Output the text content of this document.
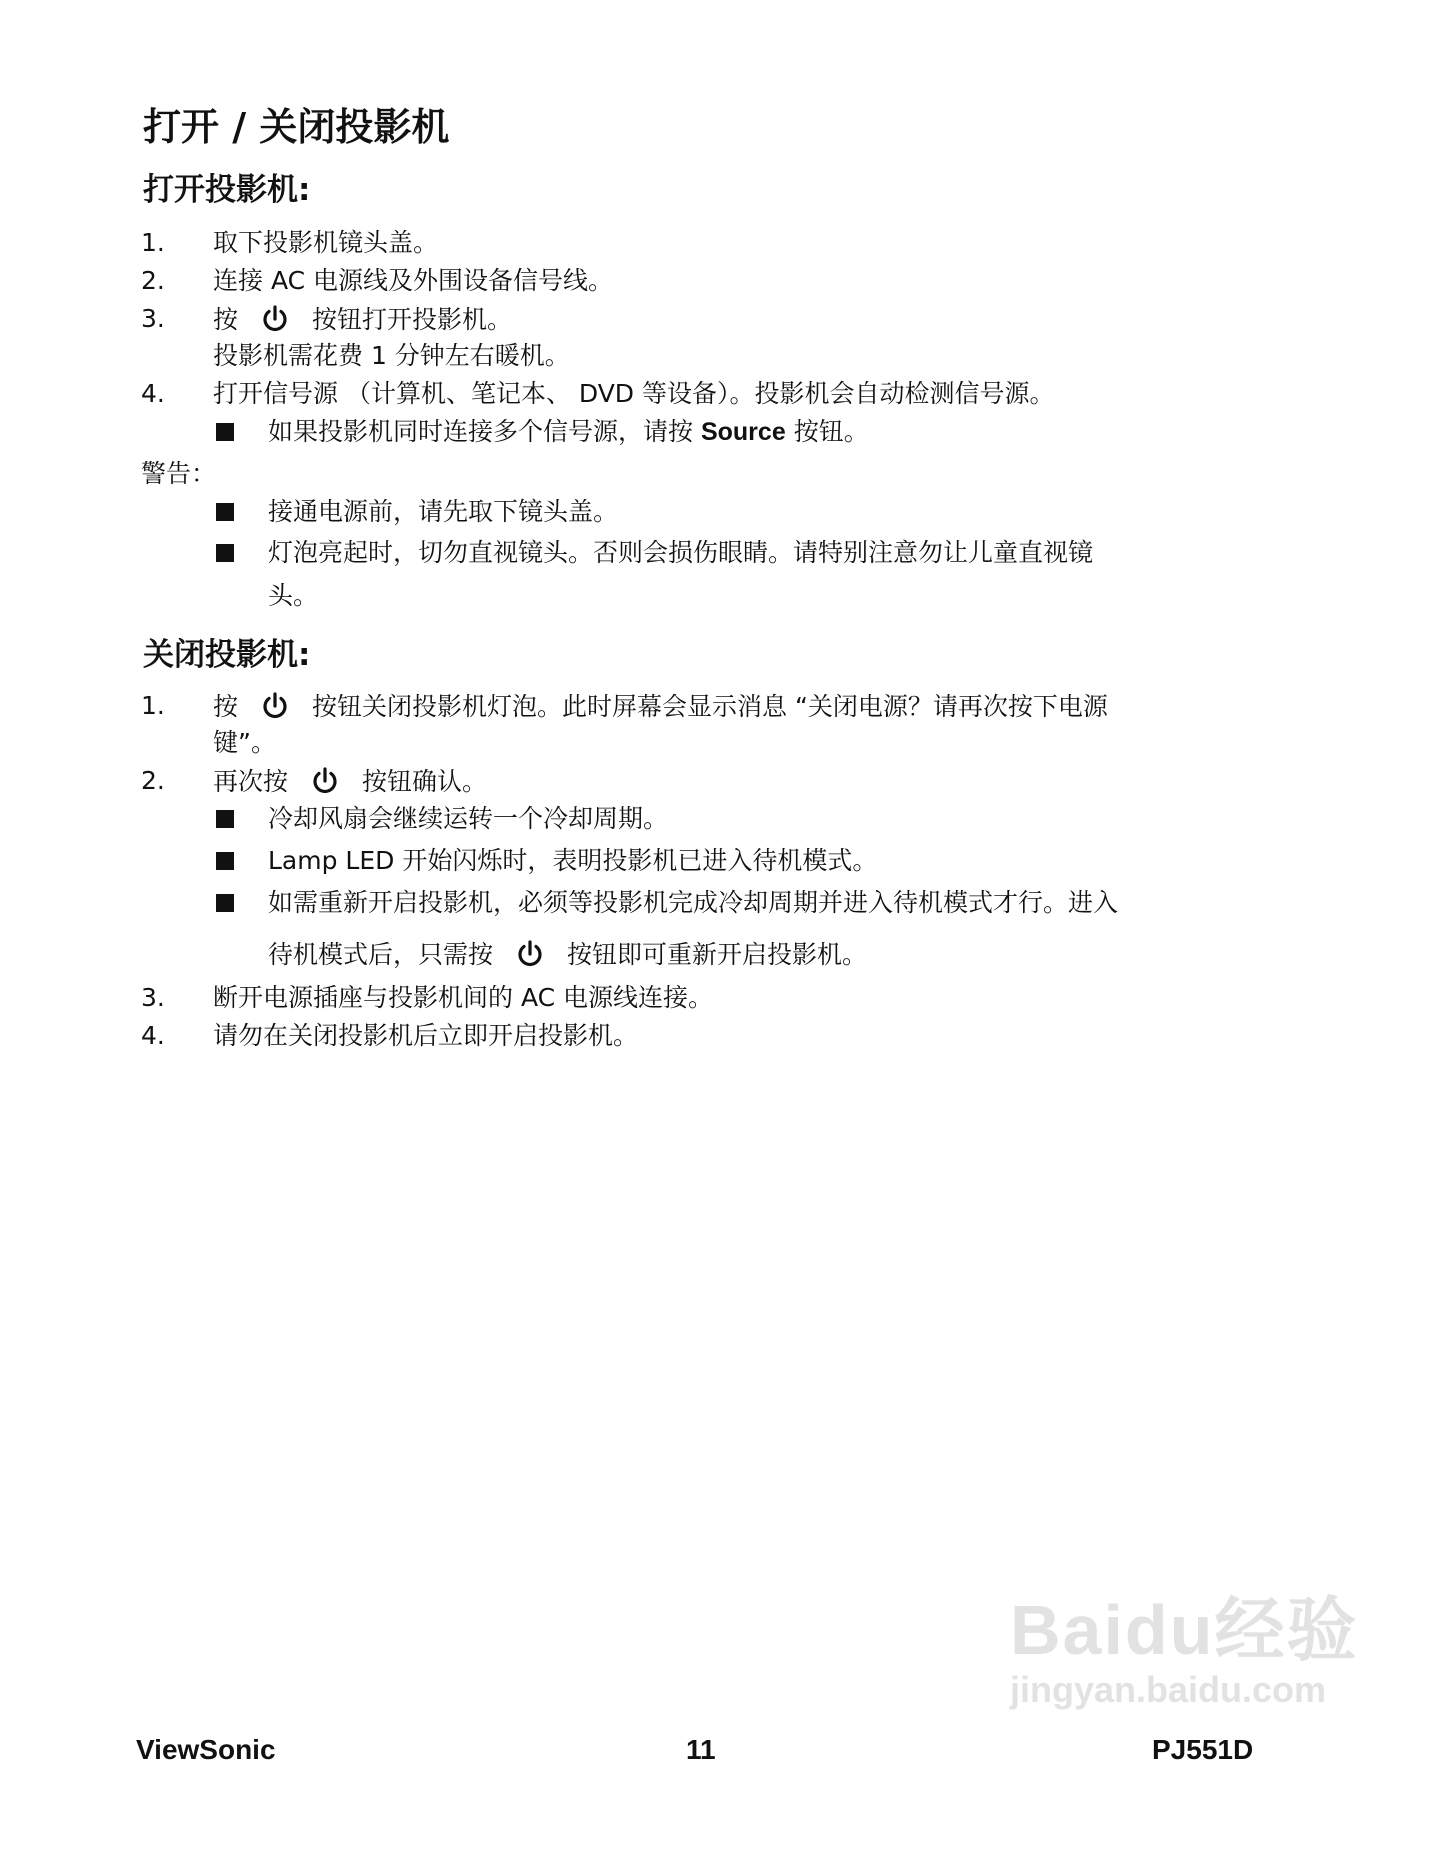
打开 / 关闭投影机
打开投影机:
1. 取下投影机镜头盖。
2. 连接 AC 电源线及外围设备信号线。
3. 按	按钮打开投影机。
投影机需花费 1 分钟左右暖机。
4. 打开信号源 （计算机、笔记本、 DVD 等设备）。投影机会自动检测信号源。
如果投影机同时连接多个信号源，请按 Source 按钮。
警告：
接通电源前，请先取下镜头盖。
灯泡亮起时，切勿直视镜头。否则会损伤眼睛。请特别注意勿让儿童直视镜
头。
关闭投影机:
1. 按	按钮关闭投影机灯泡。此时屏幕会显示消息 “关闭电源？请再次按下电源
键”。
2. 再次按	按钮确认。
冷却风扇会继续运转一个冷却周期。
Lamp LED 开始闪烁时，表明投影机已进入待机模式。
如需重新开启投影机，必须等投影机完成冷却周期并进入待机模式才行。进入
待机模式后，只需按	按钮即可重新开启投影机。
3. 断开电源插座与投影机间的 AC 电源线连接。
4. 请勿在关闭投影机后立即开启投影机。
Baidu经验
jingyan.baidu.com
ViewSonic	11	PJ551D
